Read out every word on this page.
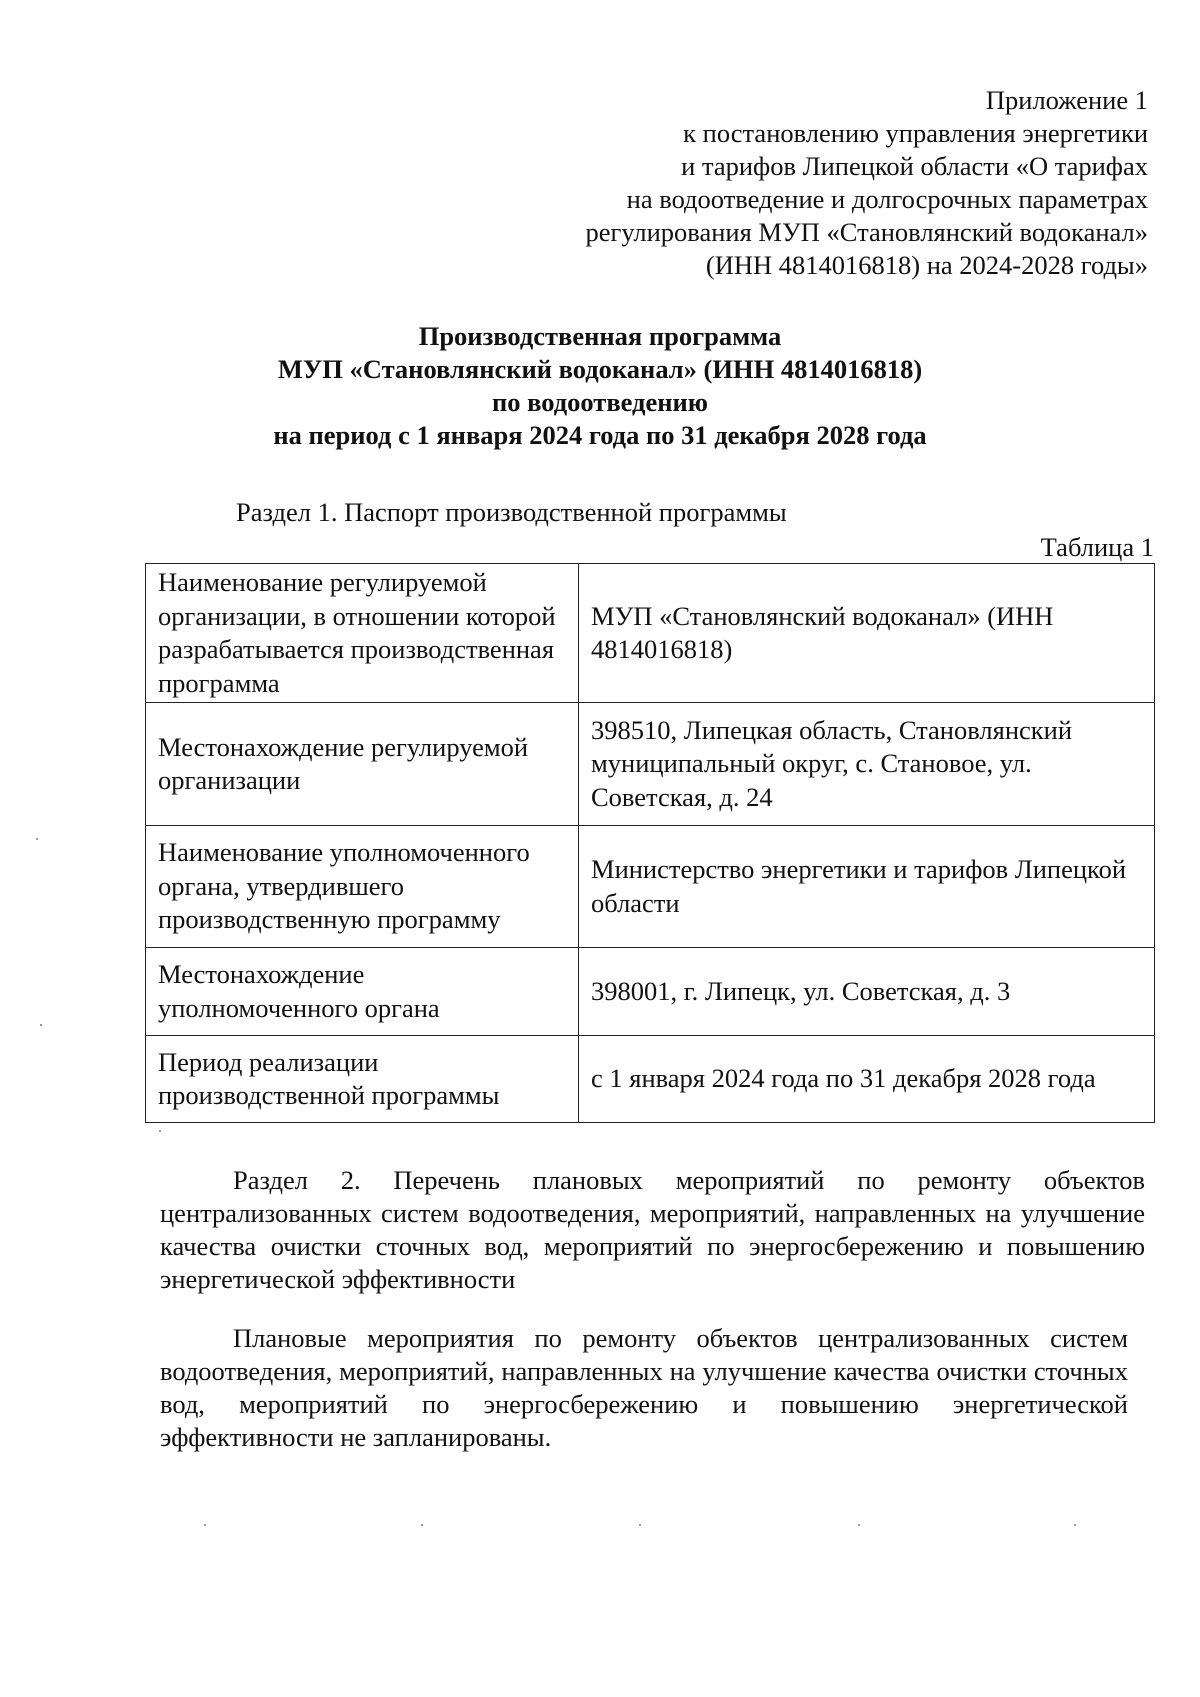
Приложение 1
к постановлению управления энергетики
и тарифов Липецкой области «О тарифах
на водоотведение и долгосрочных параметрах
регулирования МУП «Становлянский водоканал»
(ИНН 4814016818) на 2024-2028 годы»
Производственная программа
МУП «Становлянский водоканал» (ИНН 4814016818)
по водоотведению
на период с 1 января 2024 года по 31 декабря 2028 года
Раздел 1. Паспорт производственной программы
Таблица 1
Наименование регулируемой организации, в отношении которой разрабатывается производственная программа	МУП «Становлянский водоканал» (ИНН 4814016818)
Местонахождение регулируемой организации	398510, Липецкая область, Становлянский муниципальный округ, с. Становое, ул. Советская, д. 24
Наименование уполномоченного органа, утвердившего производственную программу	Министерство энергетики и тарифов Липецкой области
Местонахождение уполномоченного органа	398001, г. Липецк, ул. Советская, д. 3
Период реализации производственной программы	с 1 января 2024 года по 31 декабря 2028 года

Раздел 2. Перечень плановых мероприятий по ремонту объектов централизованных систем водоотведения, мероприятий, направленных на улучшение качества очистки сточных вод, мероприятий по энергосбережению и повышению энергетической эффективности

Плановые мероприятия по ремонту объектов централизованных систем водоотведения, мероприятий, направленных на улучшение качества очистки сточных вод, мероприятий по энергосбережению и повышению энергетической эффективности не запланированы.
